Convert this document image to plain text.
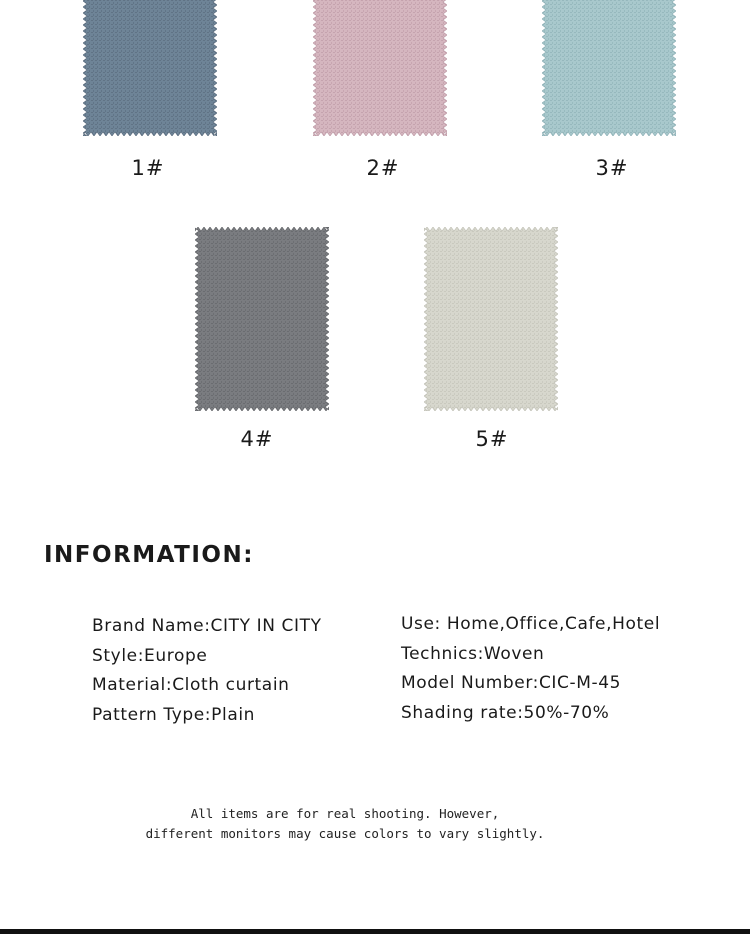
1#	2#	3#
4#	5#
INFORMATION:
Brand Name:CITY IN CITY
Style:Europe
Material:Cloth curtain
Pattern Type:Plain
Use: Home,Office,Cafe,Hotel
Technics:Woven
Model Number:CIC-M-45
Shading rate:50%-70%
All items are for real shooting. However,
different monitors may cause colors to vary slightly.
